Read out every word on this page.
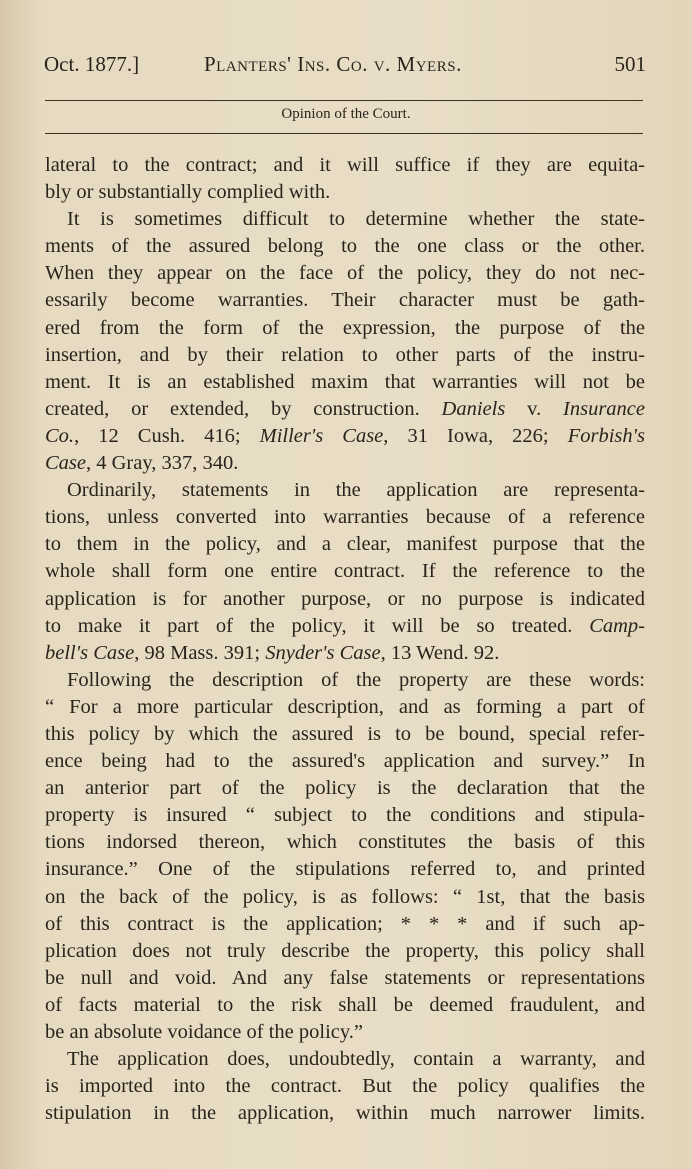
Oct. 1877.]	Planters' Ins. Co. v. Myers.	501
Opinion of the Court.
lateral to the contract; and it will suffice if they are equita-
bly or substantially complied with.
It is sometimes difficult to determine whether the state-
ments of the assured belong to the one class or the other.
When they appear on the face of the policy, they do not nec-
essarily become warranties. Their character must be gath-
ered from the form of the expression, the purpose of the
insertion, and by their relation to other parts of the instru-
ment. It is an established maxim that warranties will not be
created, or extended, by construction. Daniels v. Insurance
Co., 12 Cush. 416; Miller's Case, 31 Iowa, 226; Forbish's
Case, 4 Gray, 337, 340.
Ordinarily, statements in the application are representa-
tions, unless converted into warranties because of a reference
to them in the policy, and a clear, manifest purpose that the
whole shall form one entire contract. If the reference to the
application is for another purpose, or no purpose is indicated
to make it part of the policy, it will be so treated. Camp-
bell's Case, 98 Mass. 391; Snyder's Case, 13 Wend. 92.
Following the description of the property are these words:
“ For a more particular description, and as forming a part of
this policy by which the assured is to be bound, special refer-
ence being had to the assured's application and survey.” In
an anterior part of the policy is the declaration that the
property is insured “ subject to the conditions and stipula-
tions indorsed thereon, which constitutes the basis of this
insurance.” One of the stipulations referred to, and printed
on the back of the policy, is as follows: “ 1st, that the basis
of this contract is the application; * * * and if such ap-
plication does not truly describe the property, this policy shall
be null and void. And any false statements or representations
of facts material to the risk shall be deemed fraudulent, and
be an absolute voidance of the policy.”
The application does, undoubtedly, contain a warranty, and
is imported into the contract. But the policy qualifies the
stipulation in the application, within much narrower limits.
